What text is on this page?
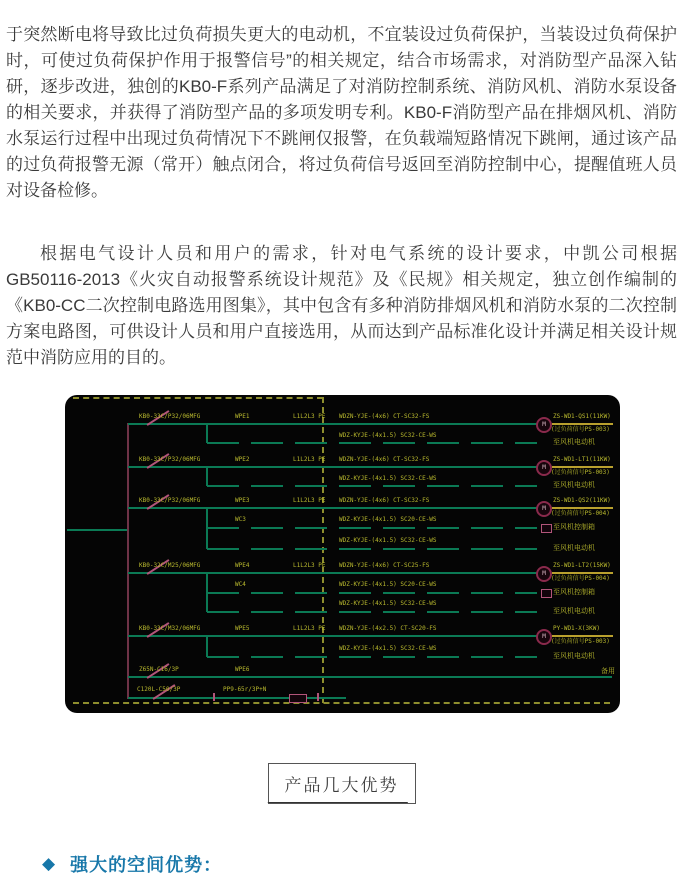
于突然断电将导致比过负荷损失更大的电动机，不宜装设过负荷保护，当装设过负荷保护时，可使过负荷保护作用于报警信号”的相关规定，结合市场需求，对消防型产品深入钻研，逐步改进，独创的KB0-F系列产品满足了对消防控制系统、消防风机、消防水泵设备的相关要求，并获得了消防型产品的多项发明专利。KB0-F消防型产品在排烟风机、消防水泵运行过程中出现过负荷情况下不跳闸仅报警，在负载端短路情况下跳闸，通过该产品的过负荷报警无源（常开）触点闭合，将过负荷信号返回至消防控制中心，提醒值班人员对设备检修。

根据电气设计人员和用户的需求，针对电气系统的设计要求，中凯公司根据GB50116-2013《火灾自动报警系统设计规范》及《民规》相关规定，独立创作编制的《KB0-CC二次控制电路选用图集》，其中包含有多种消防排烟风机和消防水泵的二次控制方案电路图，可供设计人员和用户直接选用，从而达到产品标准化设计并满足相关设计规范中消防应用的目的。

KB0-33C/P32/06MFG	WPE1	L1L2L3 PE WDZN-YJE-(4x6) CT-SC32-FS
M
ZS-WD1-QS1(11KW)
(过负荷信号PS-003)
WDZ-KYJE-(4x1.5) SC32-CE-WS
至风机电动机
KB0-33C/P32/06MFG	WPE2	L1L2L3 PE WDZN-YJE-(4x6) CT-SC32-FS
M
ZS-WD1-LT1(11KW)
(过负荷信号PS-003)
WDZ-KYJE-(4x1.5) SC32-CE-WS
至风机电动机
KB0-33C/P32/06MFG	WPE3	L1L2L3 PE WDZN-YJE-(4x6) CT-SC32-FS
M
ZS-WD1-QS2(11KW)
(过负荷信号PS-004)
WC3	WDZ-KYJE-(4x1.5) SC20-CE-WS
至风机控制箱
WDZ-KYJE-(4x1.5) SC32-CE-WS
至风机电动机
KB0-32C/M25/06MFG	WPE4	L1L2L3 PE WDZN-YJE-(4x6) CT-SC25-FS
M
ZS-WD1-LT2(15KW)
(过负荷信号PS-004)
WC4	WDZ-KYJE-(4x1.5) SC20-CE-WS
至风机控制箱
WDZ-KYJE-(4x1.5) SC32-CE-WS
至风机电动机
KB0-33C/M32/06MFG	WPE5	L1L2L3 PE WDZN-YJE-(4x2.5) CT-SC20-FS
M
PY-WD1-X(3KW)
(过负荷信号PS-003)
WDZ-KYJE-(4x1.5) SC32-CE-WS
至风机电动机
Z65N-C16/3P	WPE6	备用
C120L-C50/3P	PP9-65r/3P+N
产品几大优势
◆ 强大的空间优势：
